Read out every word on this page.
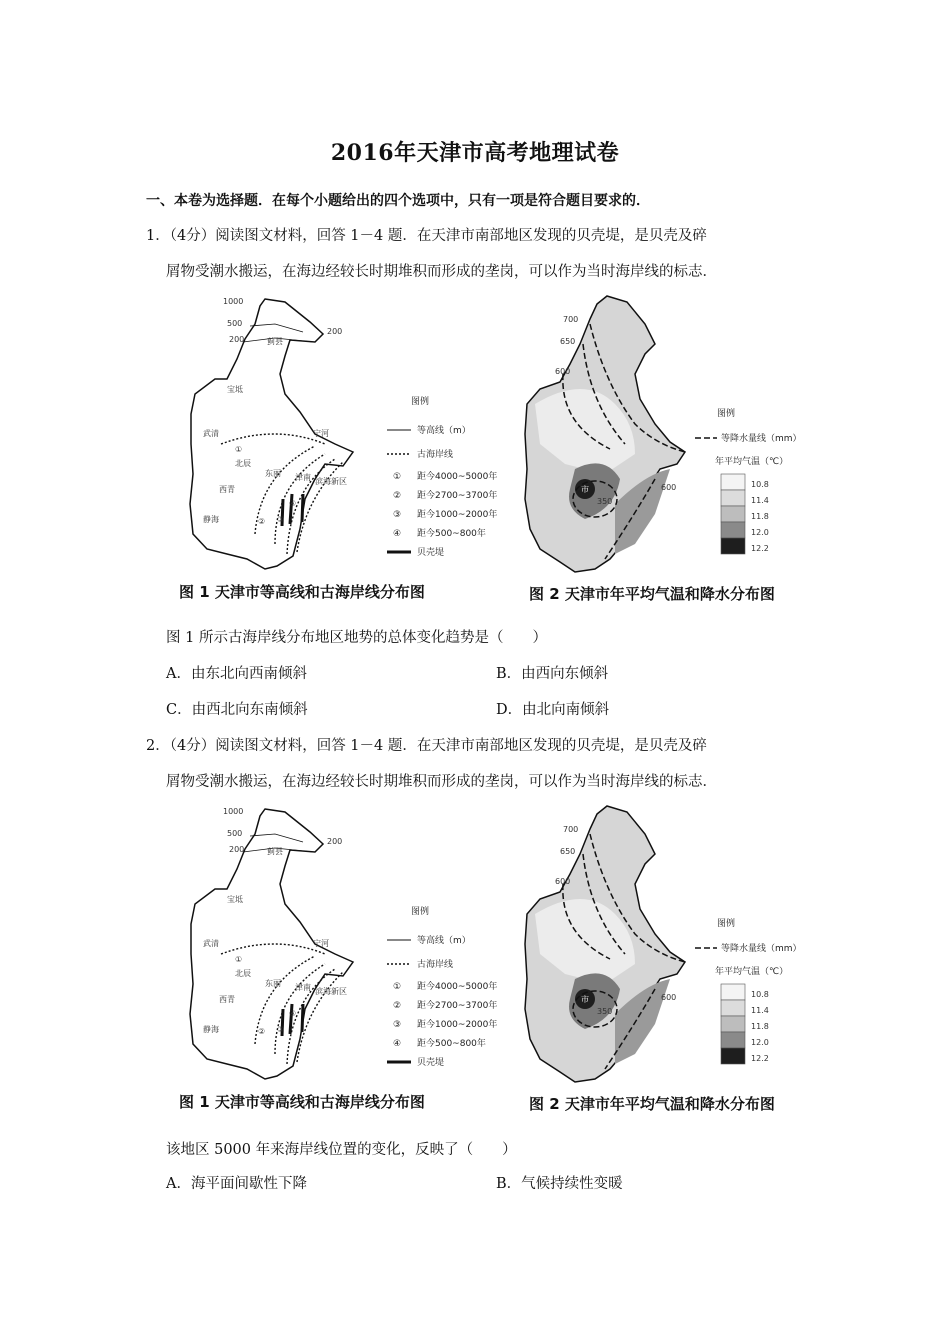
2016年天津市高考地理试卷
一、本卷为选择题．在每个小题给出的四个选项中，只有一项是符合题目要求的．
1．（4分）阅读图文材料，回答 1－4 题．在天津市南部地区发现的贝壳堤，是贝壳及碎
屑物受潮水搬运，在海边经较长时期堆积而形成的垄岗，可以作为当时海岸线的标志．
1000
500
200
200
蓟县
宝坻
武清	宁河
北辰
西青
东丽
静海
津南 滨海新区
①
② ③
④
图例
等高线（m）
古海岸线
① 距今4000~5000年
② 距今2700~3700年
③ 距今1000~2000年
④ 距今500~800年
贝壳堤
700
650
600
600
350
市
图例
等降水量线（mm）
年平均气温（℃）
10.8
11.4
11.8
12.0
12.2
图 1 天津市等高线和古海岸线分布图	图 2 天津市年平均气温和降水分布图
图 1 所示古海岸线分布地区地势的总体变化趋势是（　　）
A．由东北向西南倾斜	B．由西向东倾斜
C．由西北向东南倾斜	D．由北向南倾斜
2．（4分）阅读图文材料，回答 1－4 题．在天津市南部地区发现的贝壳堤，是贝壳及碎
屑物受潮水搬运，在海边经较长时期堆积而形成的垄岗，可以作为当时海岸线的标志．
1000
500
200
200
蓟县
宝坻
武清	宁河
北辰
西青
东丽
静海
津南 滨海新区
①
② ③
④
图例
等高线（m）
古海岸线
① 距今4000~5000年
② 距今2700~3700年
③ 距今1000~2000年
④ 距今500~800年
贝壳堤
700
650
600
600
350
市
图例
等降水量线（mm）
年平均气温（℃）
10.8
11.4
11.8
12.0
12.2
图 1 天津市等高线和古海岸线分布图	图 2 天津市年平均气温和降水分布图
该地区 5000 年来海岸线位置的变化，反映了（　　）
A．海平面间歇性下降	B．气候持续性变暖
